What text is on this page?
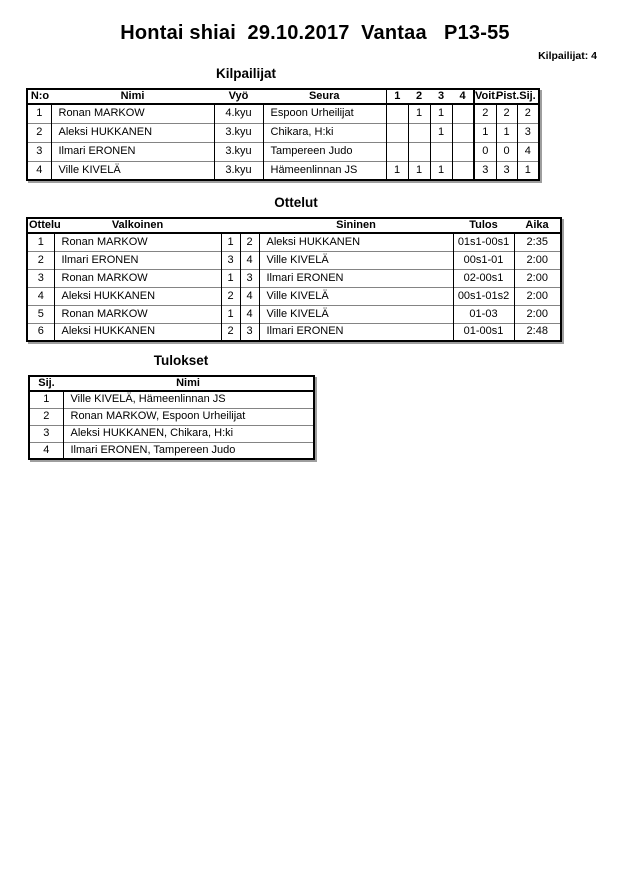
Hontai shiai  29.10.2017  Vantaa   P13-55
Kilpailijat: 4
Kilpailijat
N:o	Nimi	Vyö	Seura	1	2	3	4	Voit.	Pist.	Sij.
1	Ronan MARKOW	4.kyu	Espoon Urheilijat		1	1		2	2	2
2	Aleksi HUKKANEN	3.kyu	Chikara, H:ki			1		1	1	3
3	Ilmari ERONEN	3.kyu	Tampereen Judo					0	0	4
4	Ville KIVELÄ	3.kyu	Hämeenlinnan JS	1	1	1		3	3	1
Ottelut
Ottelu	Valkoinen			Sininen	Tulos	Aika
1	Ronan MARKOW	1	2	Aleksi HUKKANEN	01s1-00s1	2:35
2	Ilmari ERONEN	3	4	Ville KIVELÄ	00s1-01	2:00
3	Ronan MARKOW	1	3	Ilmari ERONEN	02-00s1	2:00
4	Aleksi HUKKANEN	2	4	Ville KIVELÄ	00s1-01s2	2:00
5	Ronan MARKOW	1	4	Ville KIVELÄ	01-03	2:00
6	Aleksi HUKKANEN	2	3	Ilmari ERONEN	01-00s1	2:48
Tulokset
Sij.	Nimi
1	Ville KIVELÄ, Hämeenlinnan JS
2	Ronan MARKOW, Espoon Urheilijat
3	Aleksi HUKKANEN, Chikara, H:ki
4	Ilmari ERONEN, Tampereen Judo
